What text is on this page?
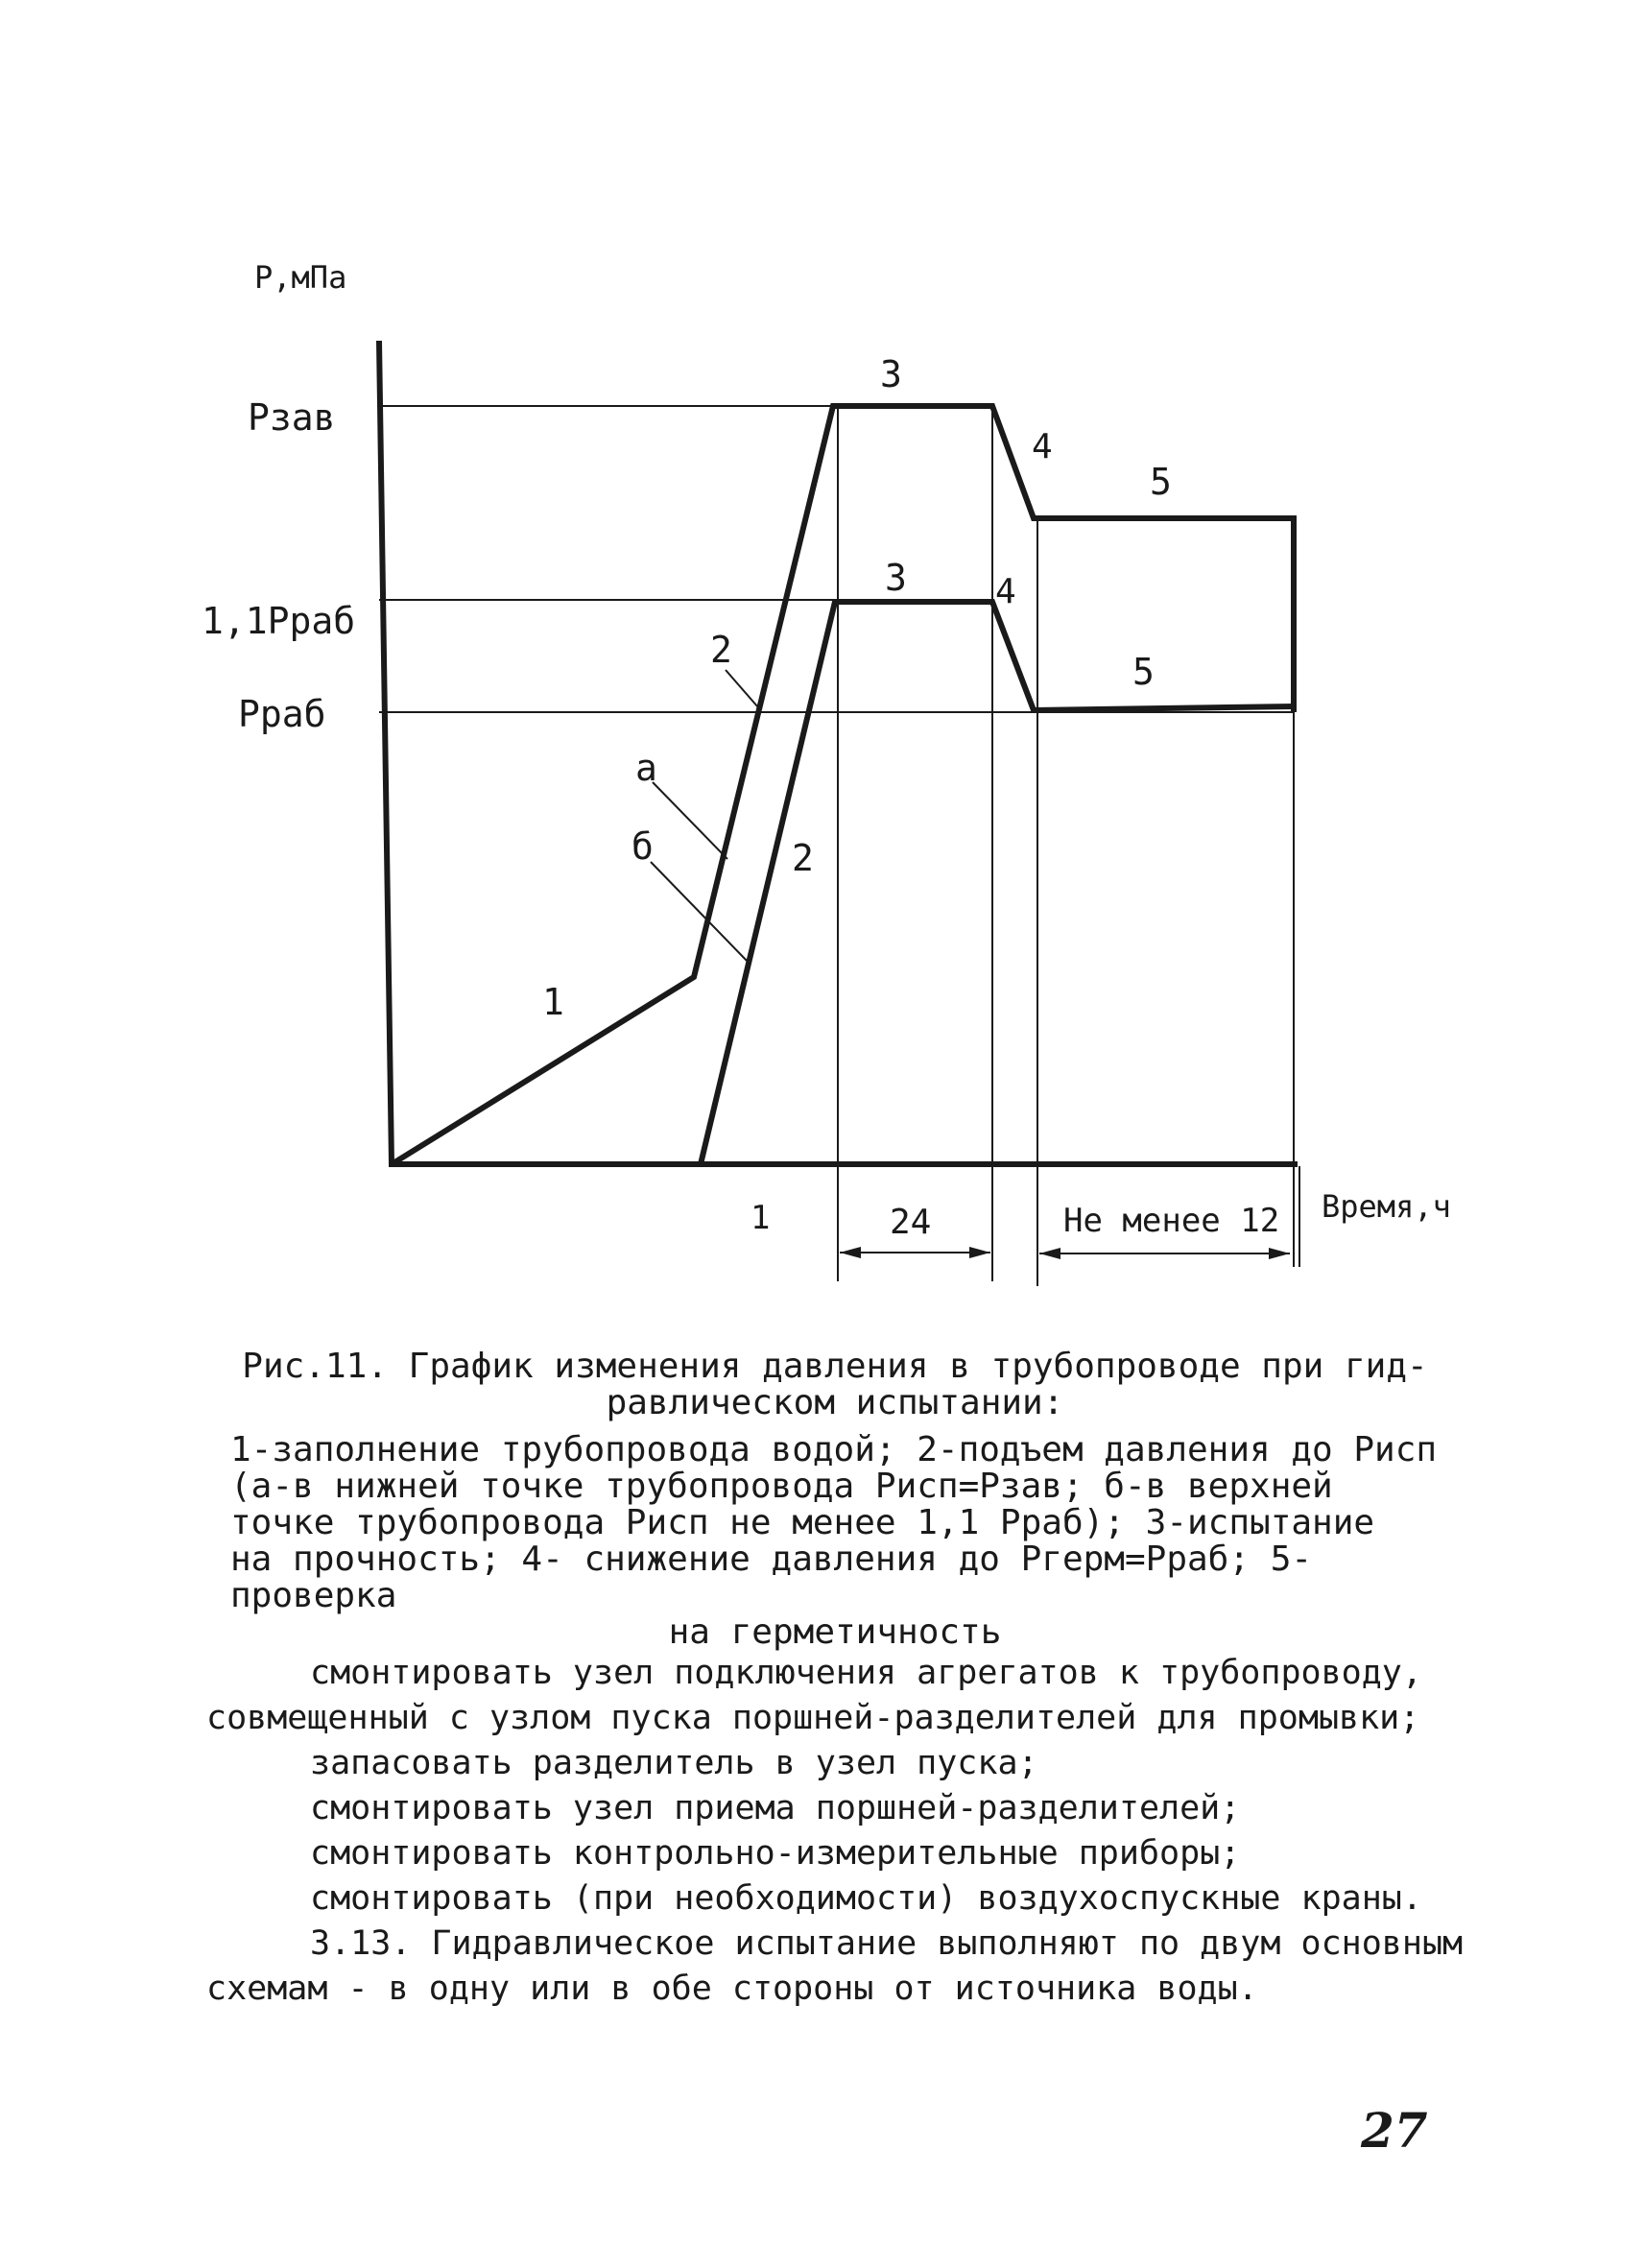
Р,мПа
Время,ч
Рзав
1,1Рраб
Рраб
1
2
2
3
3
4
4
5
5
а
б
1	24	Не менее 12
Рис.11. График изменения давления в трубопроводе при гид-
равлическом испытании:
1-заполнение трубопровода водой; 2-подъем давления до Рисп
(а-в нижней точке трубопровода Рисп=Рзав; б-в верхней
точке трубопровода Рисп не менее 1,1 Рраб); 3-испытание
на прочность; 4- снижение давления до Ргерм=Рраб; 5-проверка
на герметичность

смонтировать узел подключения агрегатов к трубопроводу,

совмещенный с узлом пуска поршней-разделителей для промывки;

запасовать разделитель в узел пуска;

смонтировать узел приема поршней-разделителей;

смонтировать контрольно-измерительные приборы;

смонтировать (при необходимости) воздухоспускные краны.

3.13. Гидравлическое испытание выполняют по двум основным

схемам - в одну или в обе стороны от источника воды.

27
